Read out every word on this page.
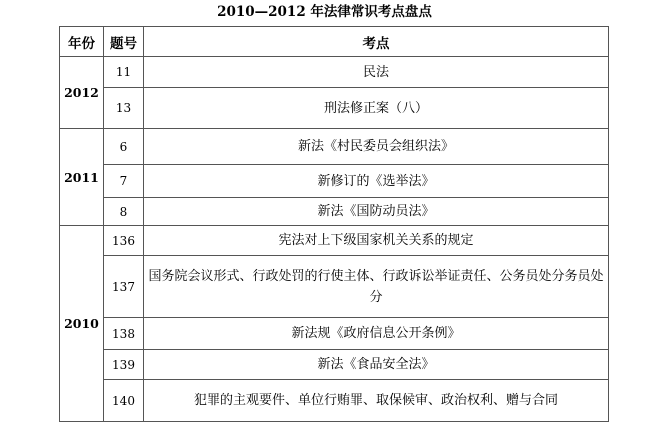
2010—2012 年法律常识考点盘点
年份	题号	考点
2012	11	民法
	13	刑法修正案（八）
2011	6	新法《村民委员会组织法》
	7	新修订的《选举法》
	8	新法《国防动员法》
2010	136	宪法对上下级国家机关关系的规定
	137	国务院会议形式、行政处罚的行使主体、行政诉讼举证责任、公务员处分务员处分
	138	新法规《政府信息公开条例》
	139	新法《食品安全法》
	140	犯罪的主观要件、单位行贿罪、取保候审、政治权利、赠与合同
